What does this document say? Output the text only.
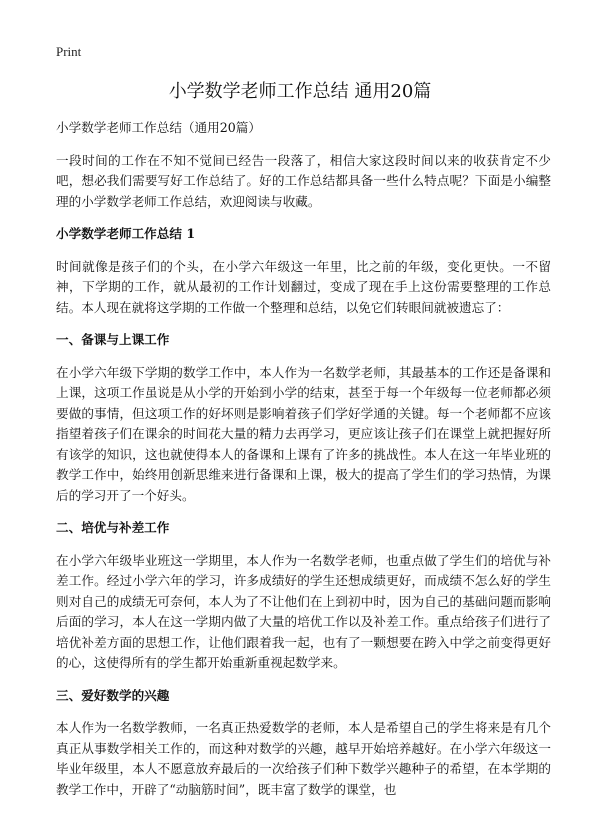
Print
小学数学老师工作总结 通用20篇

小学数学老师工作总结（通用20篇）

一段时间的工作在不知不觉间已经告一段落了，相信大家这段时间以来的收获肯定不少吧，想必我们需要写好工作总结了。好的工作总结都具备一些什么特点呢？下面是小编整理的小学数学老师工作总结，欢迎阅读与收藏。

小学数学老师工作总结 1

时间就像是孩子们的个头，在小学六年级这一年里，比之前的年级，变化更快。一不留神，下学期的工作，就从最初的工作计划翻过，变成了现在手上这份需要整理的工作总结。本人现在就将这学期的工作做一个整理和总结，以免它们转眼间就被遗忘了：

一、备课与上课工作

在小学六年级下学期的数学工作中，本人作为一名数学老师，其最基本的工作还是备课和上课，这项工作虽说是从小学的开始到小学的结束，甚至于每一个年级每一位老师都必须要做的事情，但这项工作的好坏则是影响着孩子们学好学通的关键。每一个老师都不应该指望着孩子们在课余的时间花大量的精力去再学习，更应该让孩子们在课堂上就把握好所有该学的知识，这也就使得本人的备课和上课有了许多的挑战性。本人在这一年毕业班的教学工作中，始终用创新思维来进行备课和上课，极大的提高了学生们的学习热情，为课后的学习开了一个好头。

二、培优与补差工作

在小学六年级毕业班这一学期里，本人作为一名数学老师，也重点做了学生们的培优与补差工作。经过小学六年的学习，许多成绩好的学生还想成绩更好，而成绩不怎么好的学生则对自己的成绩无可奈何，本人为了不让他们在上到初中时，因为自己的基础问题而影响后面的学习，本人在这一学期内做了大量的培优工作以及补差工作。重点给孩子们进行了培优补差方面的思想工作，让他们跟着我一起，也有了一颗想要在跨入中学之前变得更好的心，这使得所有的学生都开始重新重视起数学来。

三、爱好数学的兴趣

本人作为一名数学教师，一名真正热爱数学的老师，本人是希望自己的学生将来是有几个真正从事数学相关工作的，而这种对数学的兴趣，越早开始培养越好。在小学六年级这一毕业年级里，本人不愿意放弃最后的一次给孩子们种下数学兴趣种子的希望，在本学期的教学工作中，开辟了“动脑筋时间”，既丰富了数学的课堂，也
